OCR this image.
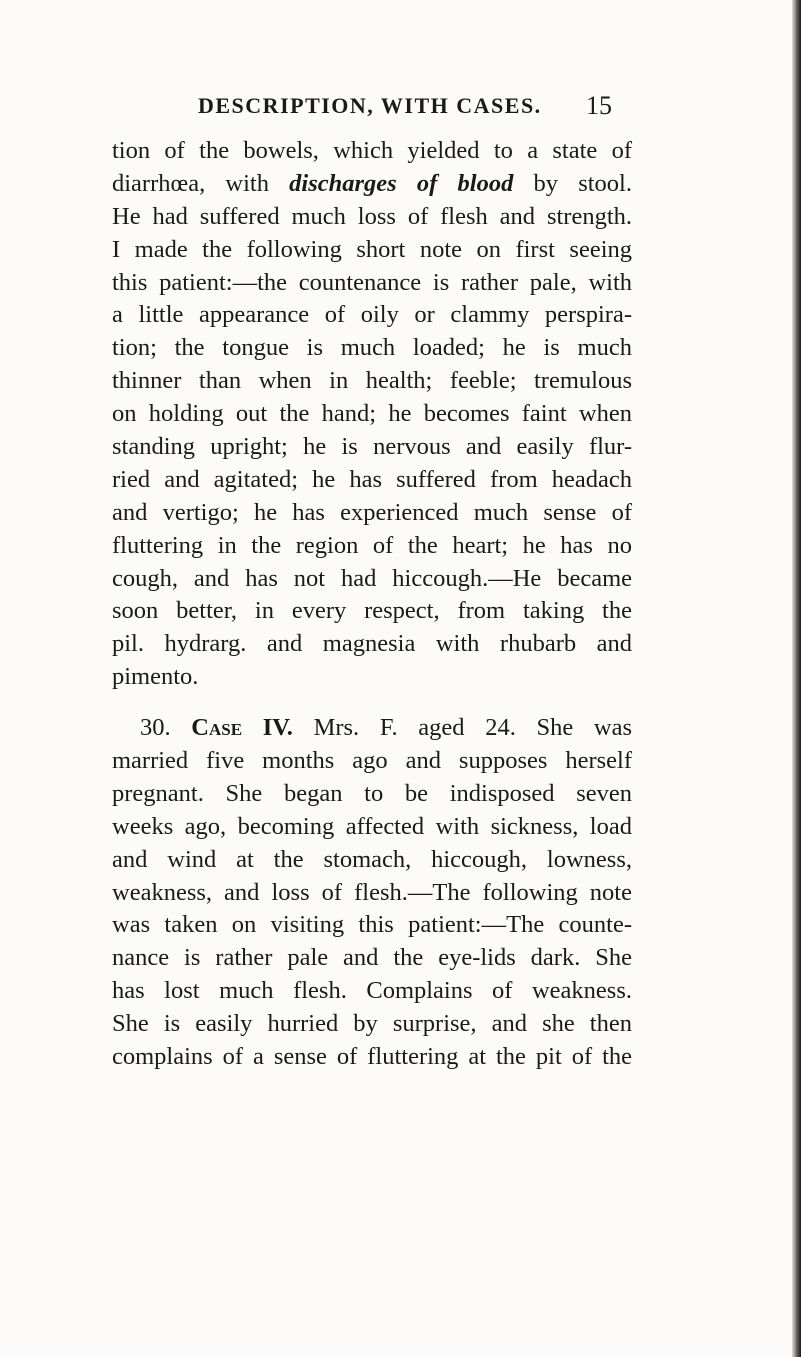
DESCRIPTION, WITH CASES. 15
tion of the bowels, which yielded to a state of
diarrhœa, with discharges of blood by stool.
He had suffered much loss of flesh and strength.
I made the following short note on first seeing
this patient:—the countenance is rather pale, with
a little appearance of oily or clammy perspira-
tion; the tongue is much loaded; he is much
thinner than when in health; feeble; tremulous
on holding out the hand; he becomes faint when
standing upright; he is nervous and easily flur-
ried and agitated; he has suffered from headach
and vertigo; he has experienced much sense of
fluttering in the region of the heart; he has no
cough, and has not had hiccough.—He became
soon better, in every respect, from taking the
pil. hydrarg. and magnesia with rhubarb and
pimento.
30. Case IV. Mrs. F. aged 24. She was
married five months ago and supposes herself
pregnant. She began to be indisposed seven
weeks ago, becoming affected with sickness, load
and wind at the stomach, hiccough, lowness,
weakness, and loss of flesh.—The following note
was taken on visiting this patient:—The counte-
nance is rather pale and the eye-lids dark. She
has lost much flesh. Complains of weakness.
She is easily hurried by surprise, and she then
complains of a sense of fluttering at the pit of the
